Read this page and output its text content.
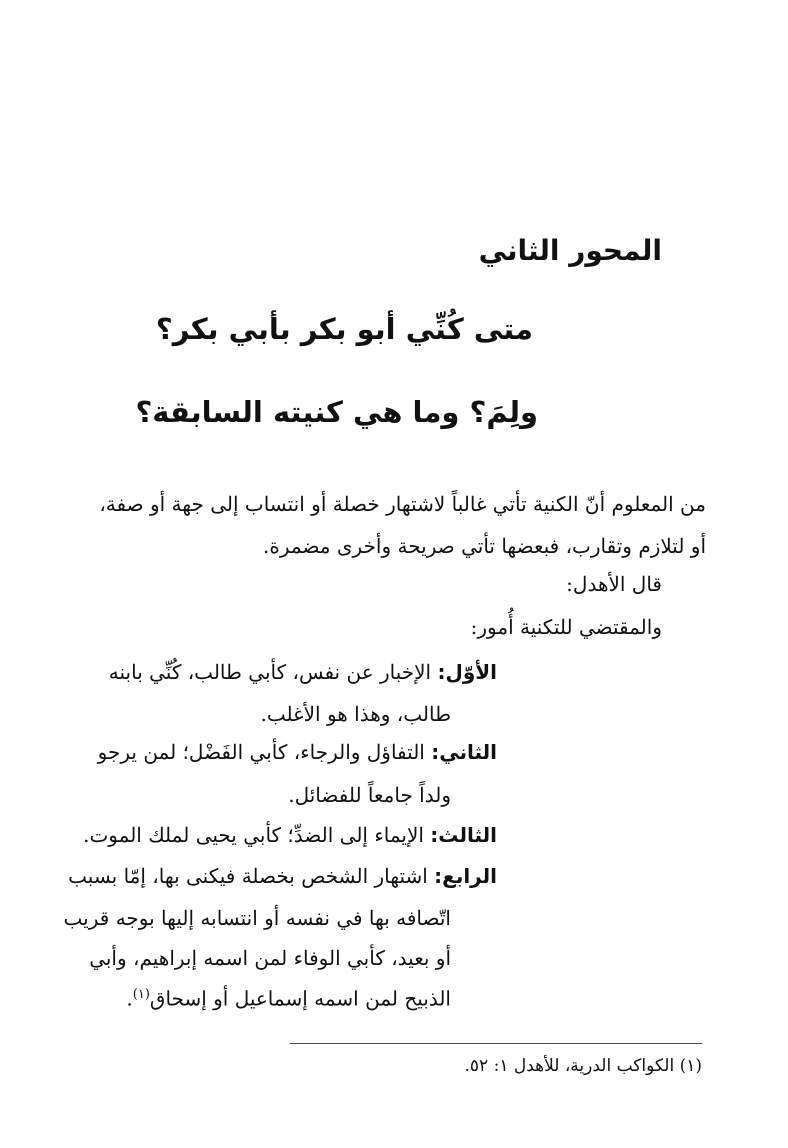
المحور الثاني
متى كُنِّي أبو بكر بأبي بكر؟
ولِمَ؟ وما هي كنيته السابقة؟
من المعلوم أنّ الكنية تأتي غالباً لاشتهار خصلة أو انتساب إلى جهة أو صفة،
أو لتلازم وتقارب، فبعضها تأتي صريحة وأخرى مضمرة.
قال الأهدل:
والمقتضي للتكنية أُمور:
الأوّل: الإخبار عن نفس، كأبي طالب، كُنِّي بابنه
طالب، وهذا هو الأغلب.
الثاني: التفاؤل والرجاء، كأبي الفَضْل؛ لمن يرجو
ولداً جامعاً للفضائل.
الثالث: الإيماء إلى الضدِّ؛ كأبي يحيى لملك الموت.
الرابع: اشتهار الشخص بخصلة فيكنى بها، إمّا بسبب
اتّصافه بها في نفسه أو انتسابه إليها بوجه قريب
أو بعيد، كأبي الوفاء لمن اسمه إبراهيم، وأبي
الذبيح لمن اسمه إسماعيل أو إسحاق$^{(١)}$.
(١) الكواكب الدرية، للأهدل ١: ٥٢.
